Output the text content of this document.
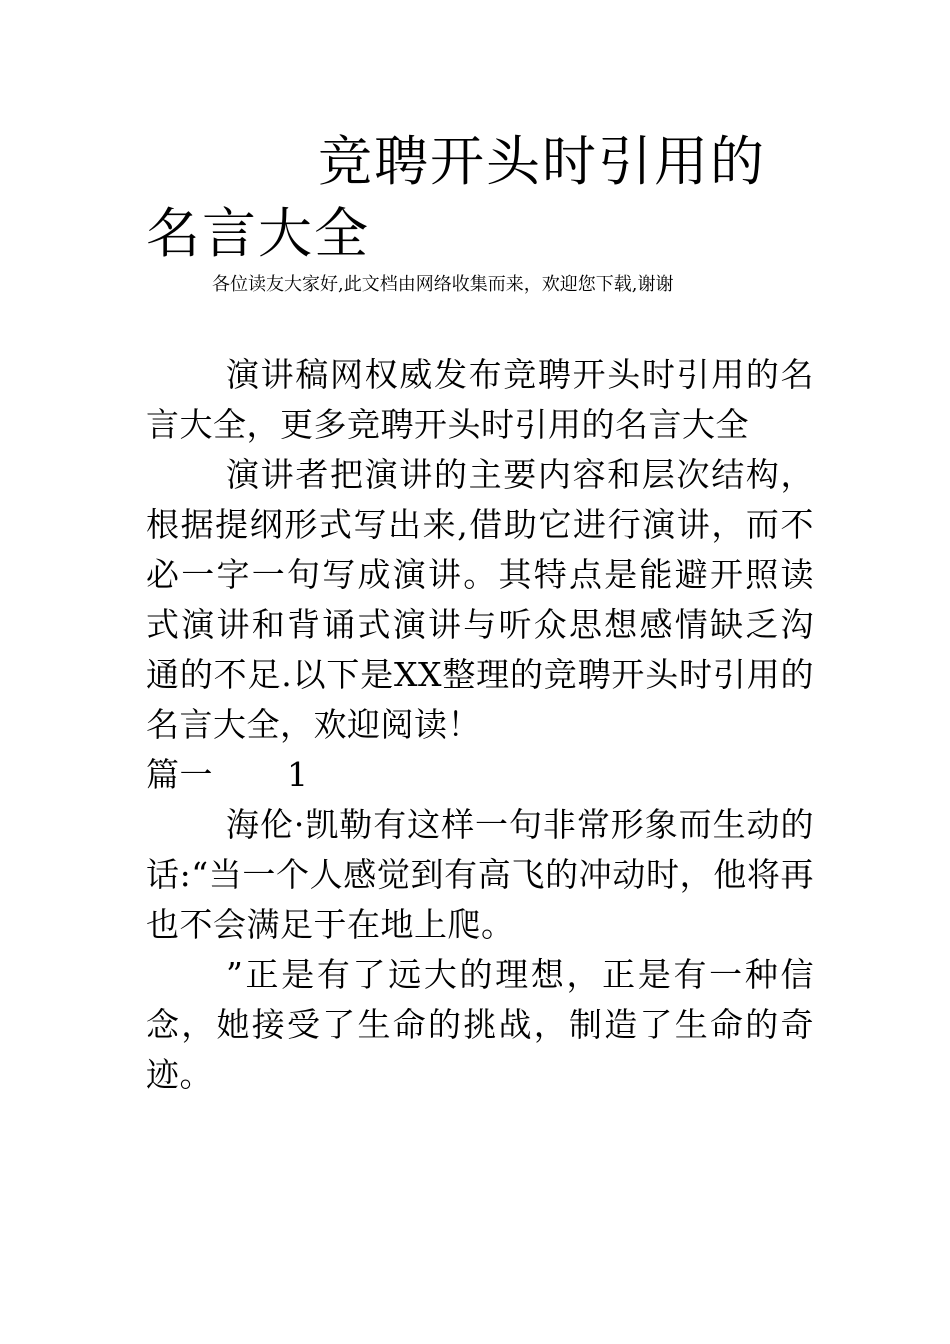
竞聘开头时引用的名言大全

各位读友大家好,此文档由网络收集而来，欢迎您下载,谢谢

演讲稿网权威发布竞聘开头时引用的名言大全，更多竞聘开头时引用的名言大全

演讲者把演讲的主要内容和层次结构，根据提纲形式写出来,借助它进行演讲，而不必一字一句写成演讲。其特点是能避开照读式演讲和背诵式演讲与听众思想感情缺乏沟通的不足.以下是XX整理的竞聘开头时引用的名言大全，欢迎阅读！

篇一 1

海伦·凯勒有这样一句非常形象而生动的话:“当一个人感觉到有高飞的冲动时，他将再也不会满足于在地上爬。

”正是有了远大的理想，正是有一种信念，她接受了生命的挑战，制造了生命的奇迹。
